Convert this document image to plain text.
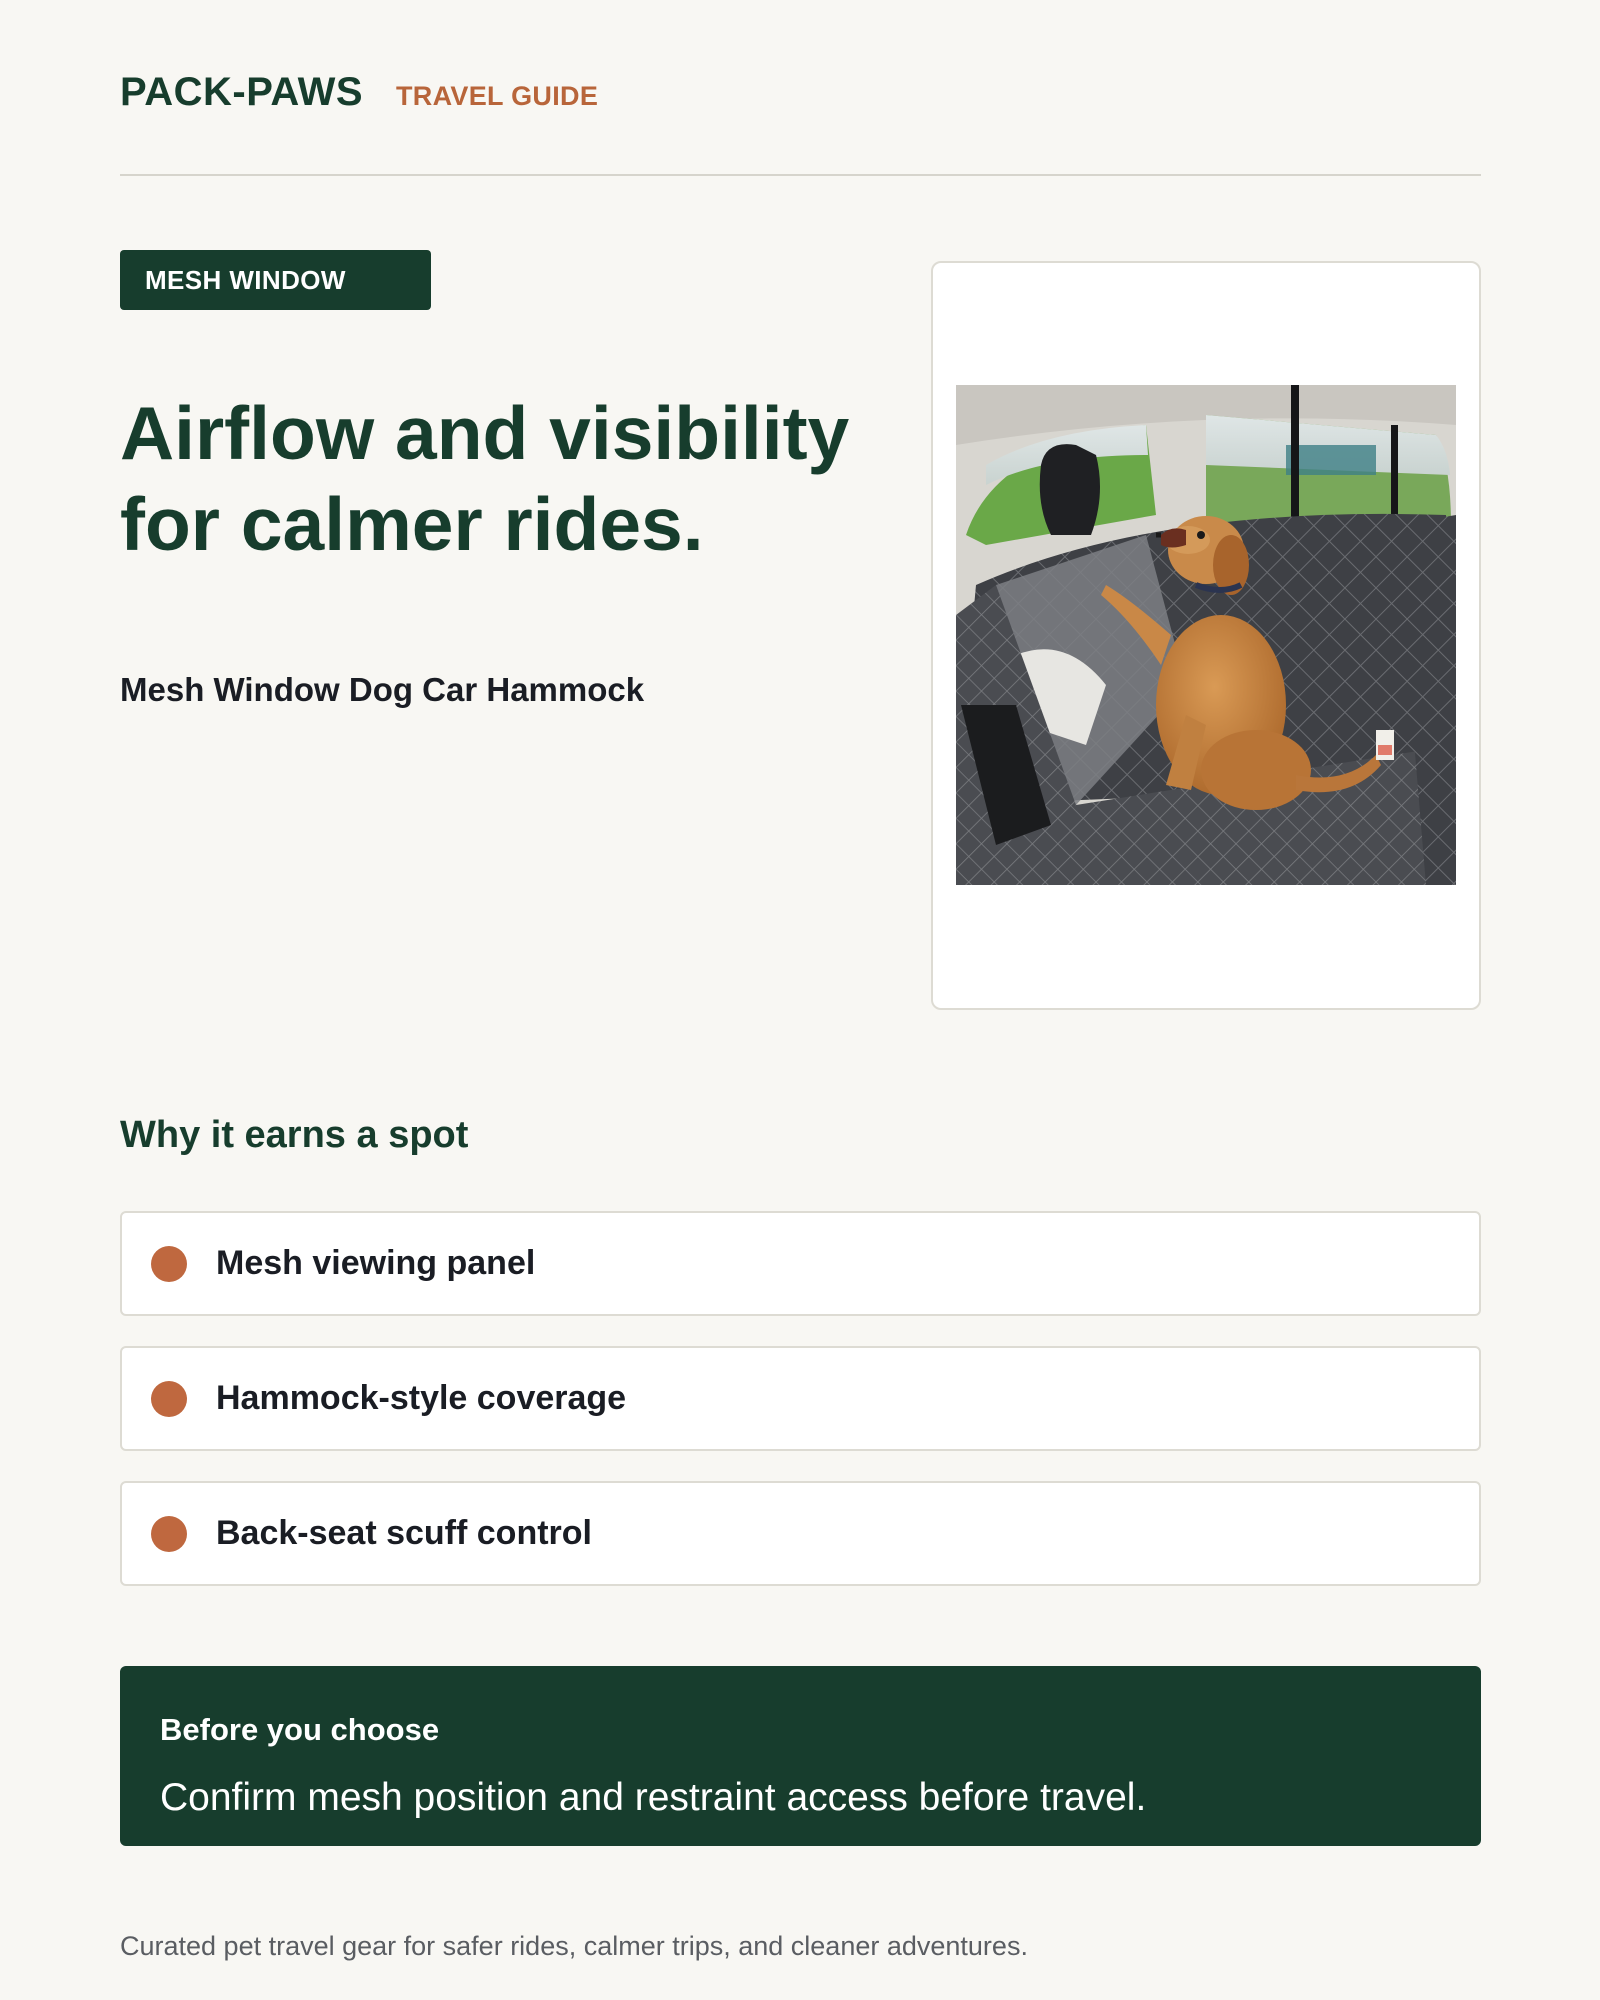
PACK-PAWS TRAVEL GUIDE
MESH WINDOW
Airflow and visibility for calmer rides.
Mesh Window Dog Car Hammock
Why it earns a spot
Mesh viewing panel
Hammock-style coverage
Back-seat scuff control
Before you choose
Confirm mesh position and restraint access before travel.
Curated pet travel gear for safer rides, calmer trips, and cleaner adventures.
